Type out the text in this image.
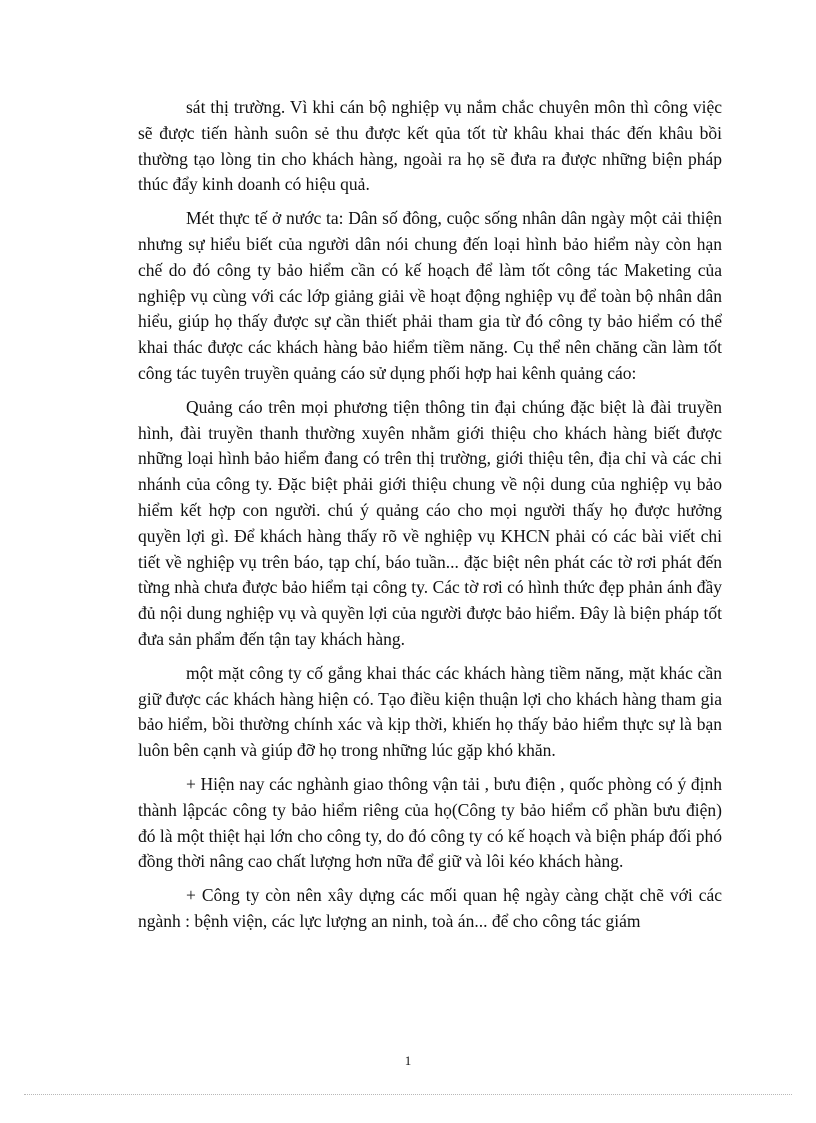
sát thị trường. Vì khi cán bộ nghiệp vụ nắm chắc chuyên môn thì công việc sẽ được tiến hành suôn sẻ thu được kết qủa tốt từ khâu khai thác đến khâu bồi thường tạo lòng tin cho khách hàng, ngoài ra họ sẽ đưa ra được những biện pháp thúc đẩy kinh doanh có hiệu quả.

Mét thực tế ở nước ta: Dân số đông, cuộc sống nhân dân ngày một cải thiện nhưng sự hiểu biết của người dân nói chung đến loại hình bảo hiểm này còn hạn chế do đó công ty bảo hiểm cần có kế hoạch để làm tốt công tác Maketing của nghiệp vụ cùng với các lớp giảng giải về hoạt động nghiệp vụ để toàn bộ nhân dân hiểu, giúp họ thấy được sự cần thiết phải tham gia từ đó công ty bảo hiểm có thể khai thác được các khách hàng bảo hiểm tiềm năng. Cụ thể nên chăng cần làm tốt công tác tuyên truyền quảng cáo sử dụng phối hợp hai kênh quảng cáo:

Quảng cáo trên mọi phương tiện thông tin đại chúng đặc biệt là đài truyền hình, đài truyền thanh thường xuyên nhằm giới thiệu cho khách hàng biết được những loại hình bảo hiểm đang có trên thị trường, giới thiệu tên, địa chỉ và các chi nhánh của công ty. Đặc biệt phải giới thiệu chung về nội dung của nghiệp vụ bảo hiểm kết hợp con người. chú ý quảng cáo cho mọi người thấy họ được hưởng quyền lợi gì. Để khách hàng thấy rõ về nghiệp vụ KHCN phải có các bài viết chi tiết về nghiệp vụ trên báo, tạp chí, báo tuần... đặc biệt nên phát các tờ rơi phát đến từng nhà chưa được bảo hiểm tại công ty. Các tờ rơi có hình thức đẹp phản ánh đầy đủ nội dung nghiệp vụ và quyền lợi của người được bảo hiểm. Đây là biện pháp tốt đưa sản phẩm đến tận tay khách hàng.

một mặt công ty cố gắng khai thác các khách hàng tiềm năng, mặt khác cần giữ được các khách hàng hiện có. Tạo điều kiện thuận lợi cho khách hàng tham gia bảo hiểm, bồi thường chính xác và kịp thời, khiến họ thấy bảo hiểm thực sự là bạn luôn bên cạnh và giúp đỡ họ trong những lúc gặp khó khăn.

+ Hiện nay các nghành giao thông vận tải , bưu điện , quốc phòng có ý định thành lậpcác công ty bảo hiểm riêng của họ(Công ty bảo hiểm cổ phần bưu điện) đó là một thiệt hại lớn cho công ty, do đó công ty có kế hoạch và biện pháp đối phó đồng thời nâng cao chất lượng hơn nữa để giữ và lôi kéo khách hàng.

+ Công ty còn nên xây dựng các mối quan hệ ngày càng chặt chẽ với các ngành : bệnh viện, các lực lượng an ninh, toà án... để cho công tác giám

1
